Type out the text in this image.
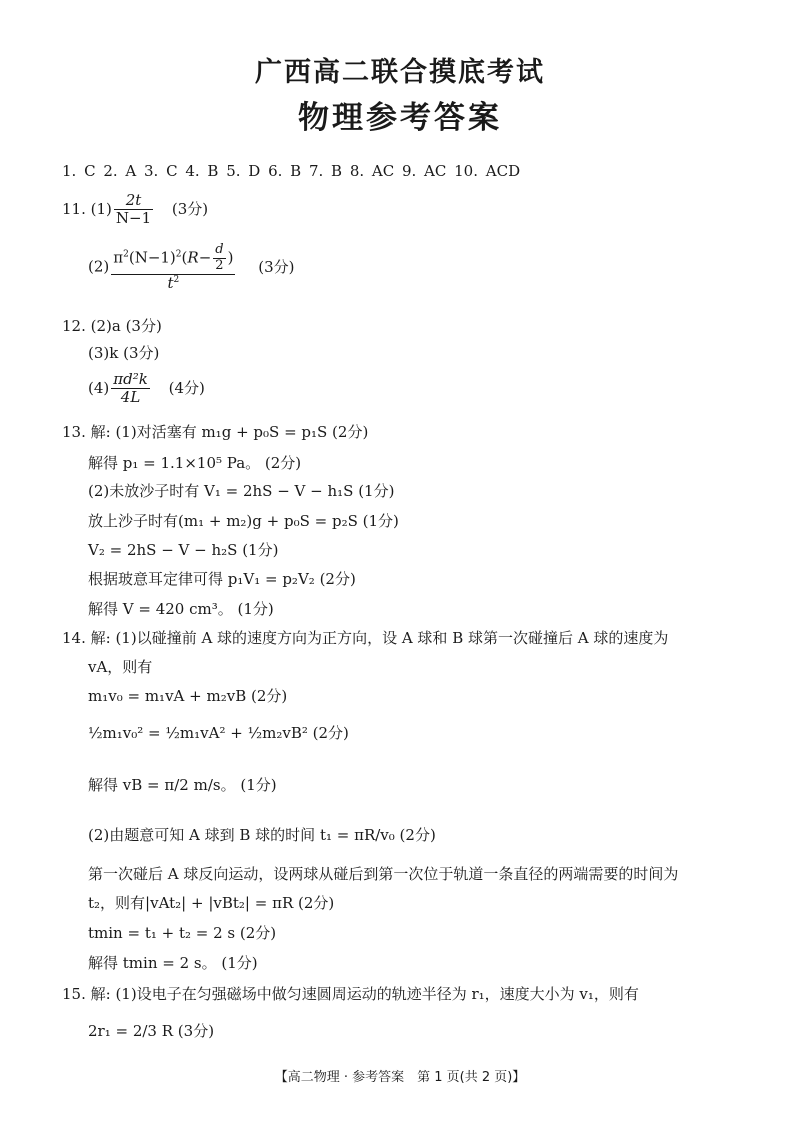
广西高二联合摸底考试
物理参考答案
1. C 2. A 3. C 4. B 5. D 6. B 7. B 8. AC 9. AC 10. ACD
11. $(1) \frac{2t}{N-1} (3$分)
$(2) \frac{\pi^2(N-1)^2(R- \frac{d}{2} )}{t^2} (3$分)
12. (2)a (3分)
(3)k (3分)
$(4) \frac{\text{πd²k}}{4L} (4$分)
13. 解: (1)对活塞有 m₁g + p₀S = p₁S (2分)
解得 p₁ = 1.1×10⁵ Pa。 (2分)
(2)未放沙子时有 V₁ = 2hS − V − h₁S (1分)
放上沙子时有(m₁ + m₂)g + p₀S = p₂S (1分)
V₂ = 2hS − V − h₂S (1分)
根据玻意耳定律可得 p₁V₁ = p₂V₂ (2分)
解得 V = 420 cm³。 (1分)
14. 解: (1)以碰撞前 A 球的速度方向为正方向，设 A 球和 B 球第一次碰撞后 A 球的速度为
vA，则有
m₁v₀ = m₁vA + m₂vB (2分)
½m₁v₀² = ½m₁vA² + ½m₂vB² (2分)
解得 vB = π/2 m/s。 (1分)
(2)由题意可知 A 球到 B 球的时间 t₁ = πR/v₀ (2分)
第一次碰后 A 球反向运动，设两球从碰后到第一次位于轨道一条直径的两端需要的时间为
t₂，则有|vAt₂| + |vBt₂| = πR (2分)
tmin = t₁ + t₂ = 2 s (2分)
解得 tmin = 2 s。 (1分)
15. 解: (1)设电子在匀强磁场中做匀速圆周运动的轨迹半径为 r₁，速度大小为 v₁，则有
2r₁ = 2/3 R (3分)
【高二物理 · 参考答案　第 1 页(共 2 页)】
